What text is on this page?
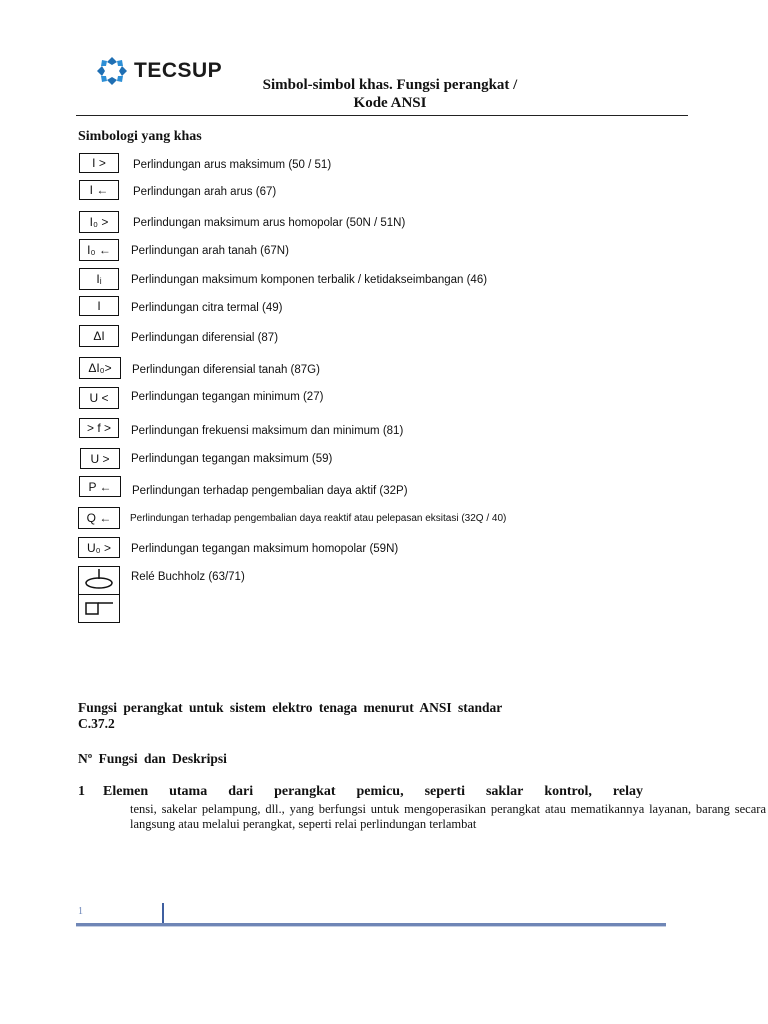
TECSUP
Simbol-simbol khas. Fungsi perangkat /
Kode ANSI
Simbologi yang khas
I >	Perlindungan arus maksimum (50 / 51)
I ←	Perlindungan arah arus (67)
I₀ >	Perlindungan maksimum arus homopolar (50N / 51N)
I₀ ←	Perlindungan arah tanah (67N)
Iᵢ	Perlindungan maksimum komponen terbalik / ketidakseimbangan (46)
I	Perlindungan citra termal (49)
ΔI	Perlindungan diferensial (87)
ΔI₀>	Perlindungan diferensial tanah (87G)
U <	Perlindungan tegangan minimum (27)
> f >	Perlindungan frekuensi maksimum dan minimum (81)
U >	Perlindungan tegangan maksimum (59)
P ←	Perlindungan terhadap pengembalian daya aktif (32P)
Q ←	Perlindungan terhadap pengembalian daya reaktif atau pelepasan eksitasi (32Q / 40)
U₀ >	Perlindungan tegangan maksimum homopolar (59N)
Relé Buchholz (63/71)
Fungsi perangkat untuk sistem elektro tenaga menurut ANSI standar C.37.2
Nº Fungsi dan Deskripsi
1 Elemen utama dari perangkat pemicu, seperti saklar kontrol, relay
tensi, sakelar pelampung, dll., yang berfungsi untuk mengoperasikan perangkat atau mematikannya layanan, barang secara langsung atau melalui perangkat, seperti relai perlindungan terlambat
1
